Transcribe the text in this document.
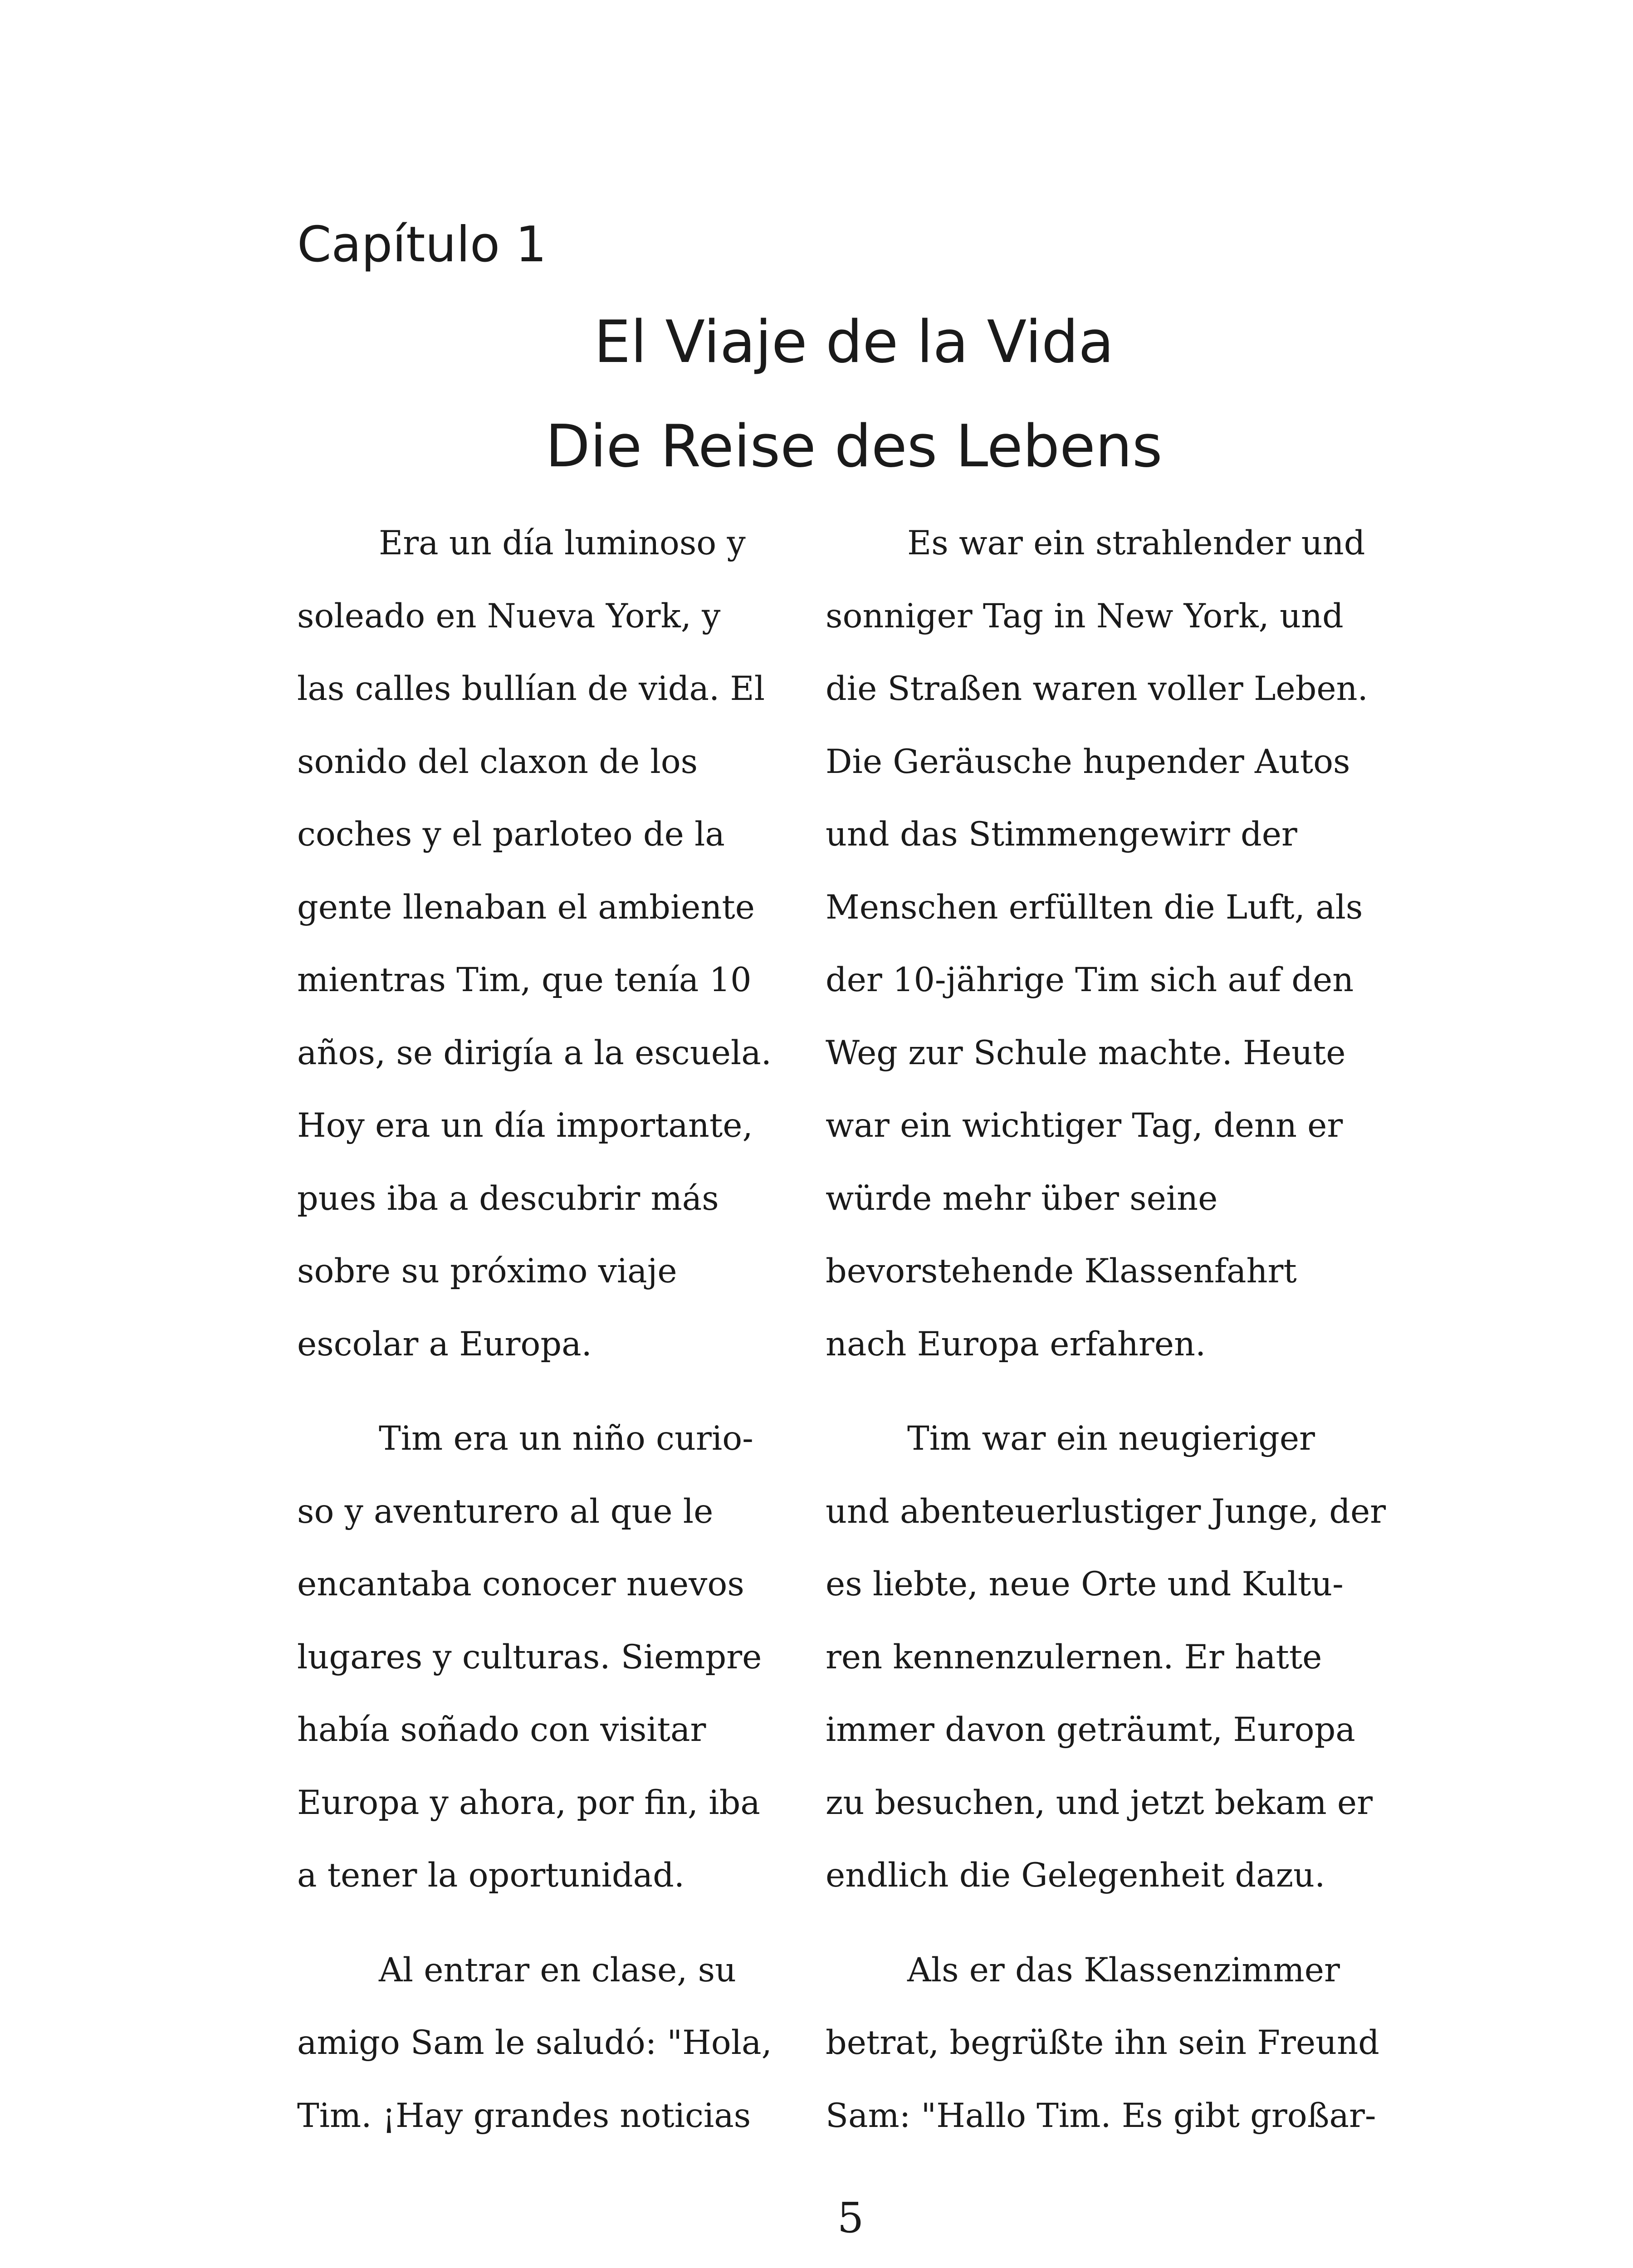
Capítulo 1
El Viaje de la Vida
Die Reise des Lebens

Era un día luminoso y
soleado en Nueva York, y
las calles bullían de vida. El
sonido del claxon de los
coches y el parloteo de la
gente llenaban el ambiente
mientras Tim, que tenía 10
años, se dirigía a la escuela.
Hoy era un día importante,
pues iba a descubrir más
sobre su próximo viaje
escolar a Europa.

Tim era un niño curio-
so y aventurero al que le
encantaba conocer nuevos
lugares y culturas. Siempre
había soñado con visitar
Europa y ahora, por fin, iba
a tener la oportunidad.

Al entrar en clase, su
amigo Sam le saludó: "Hola,
Tim. ¡Hay grandes noticias

Es war ein strahlender und
sonniger Tag in New York, und
die Straßen waren voller Leben.
Die Geräusche hupender Autos
und das Stimmengewirr der
Menschen erfüllten die Luft, als
der 10-jährige Tim sich auf den
Weg zur Schule machte. Heute
war ein wichtiger Tag, denn er
würde mehr über seine
bevorstehende Klassenfahrt
nach Europa erfahren.

Tim war ein neugieriger
und abenteuerlustiger Junge, der
es liebte, neue Orte und Kultu-
ren kennenzulernen. Er hatte
immer davon geträumt, Europa
zu besuchen, und jetzt bekam er
endlich die Gelegenheit dazu.

Als er das Klassenzimmer
betrat, begrüßte ihn sein Freund
Sam: "Hallo Tim. Es gibt großar-

5
